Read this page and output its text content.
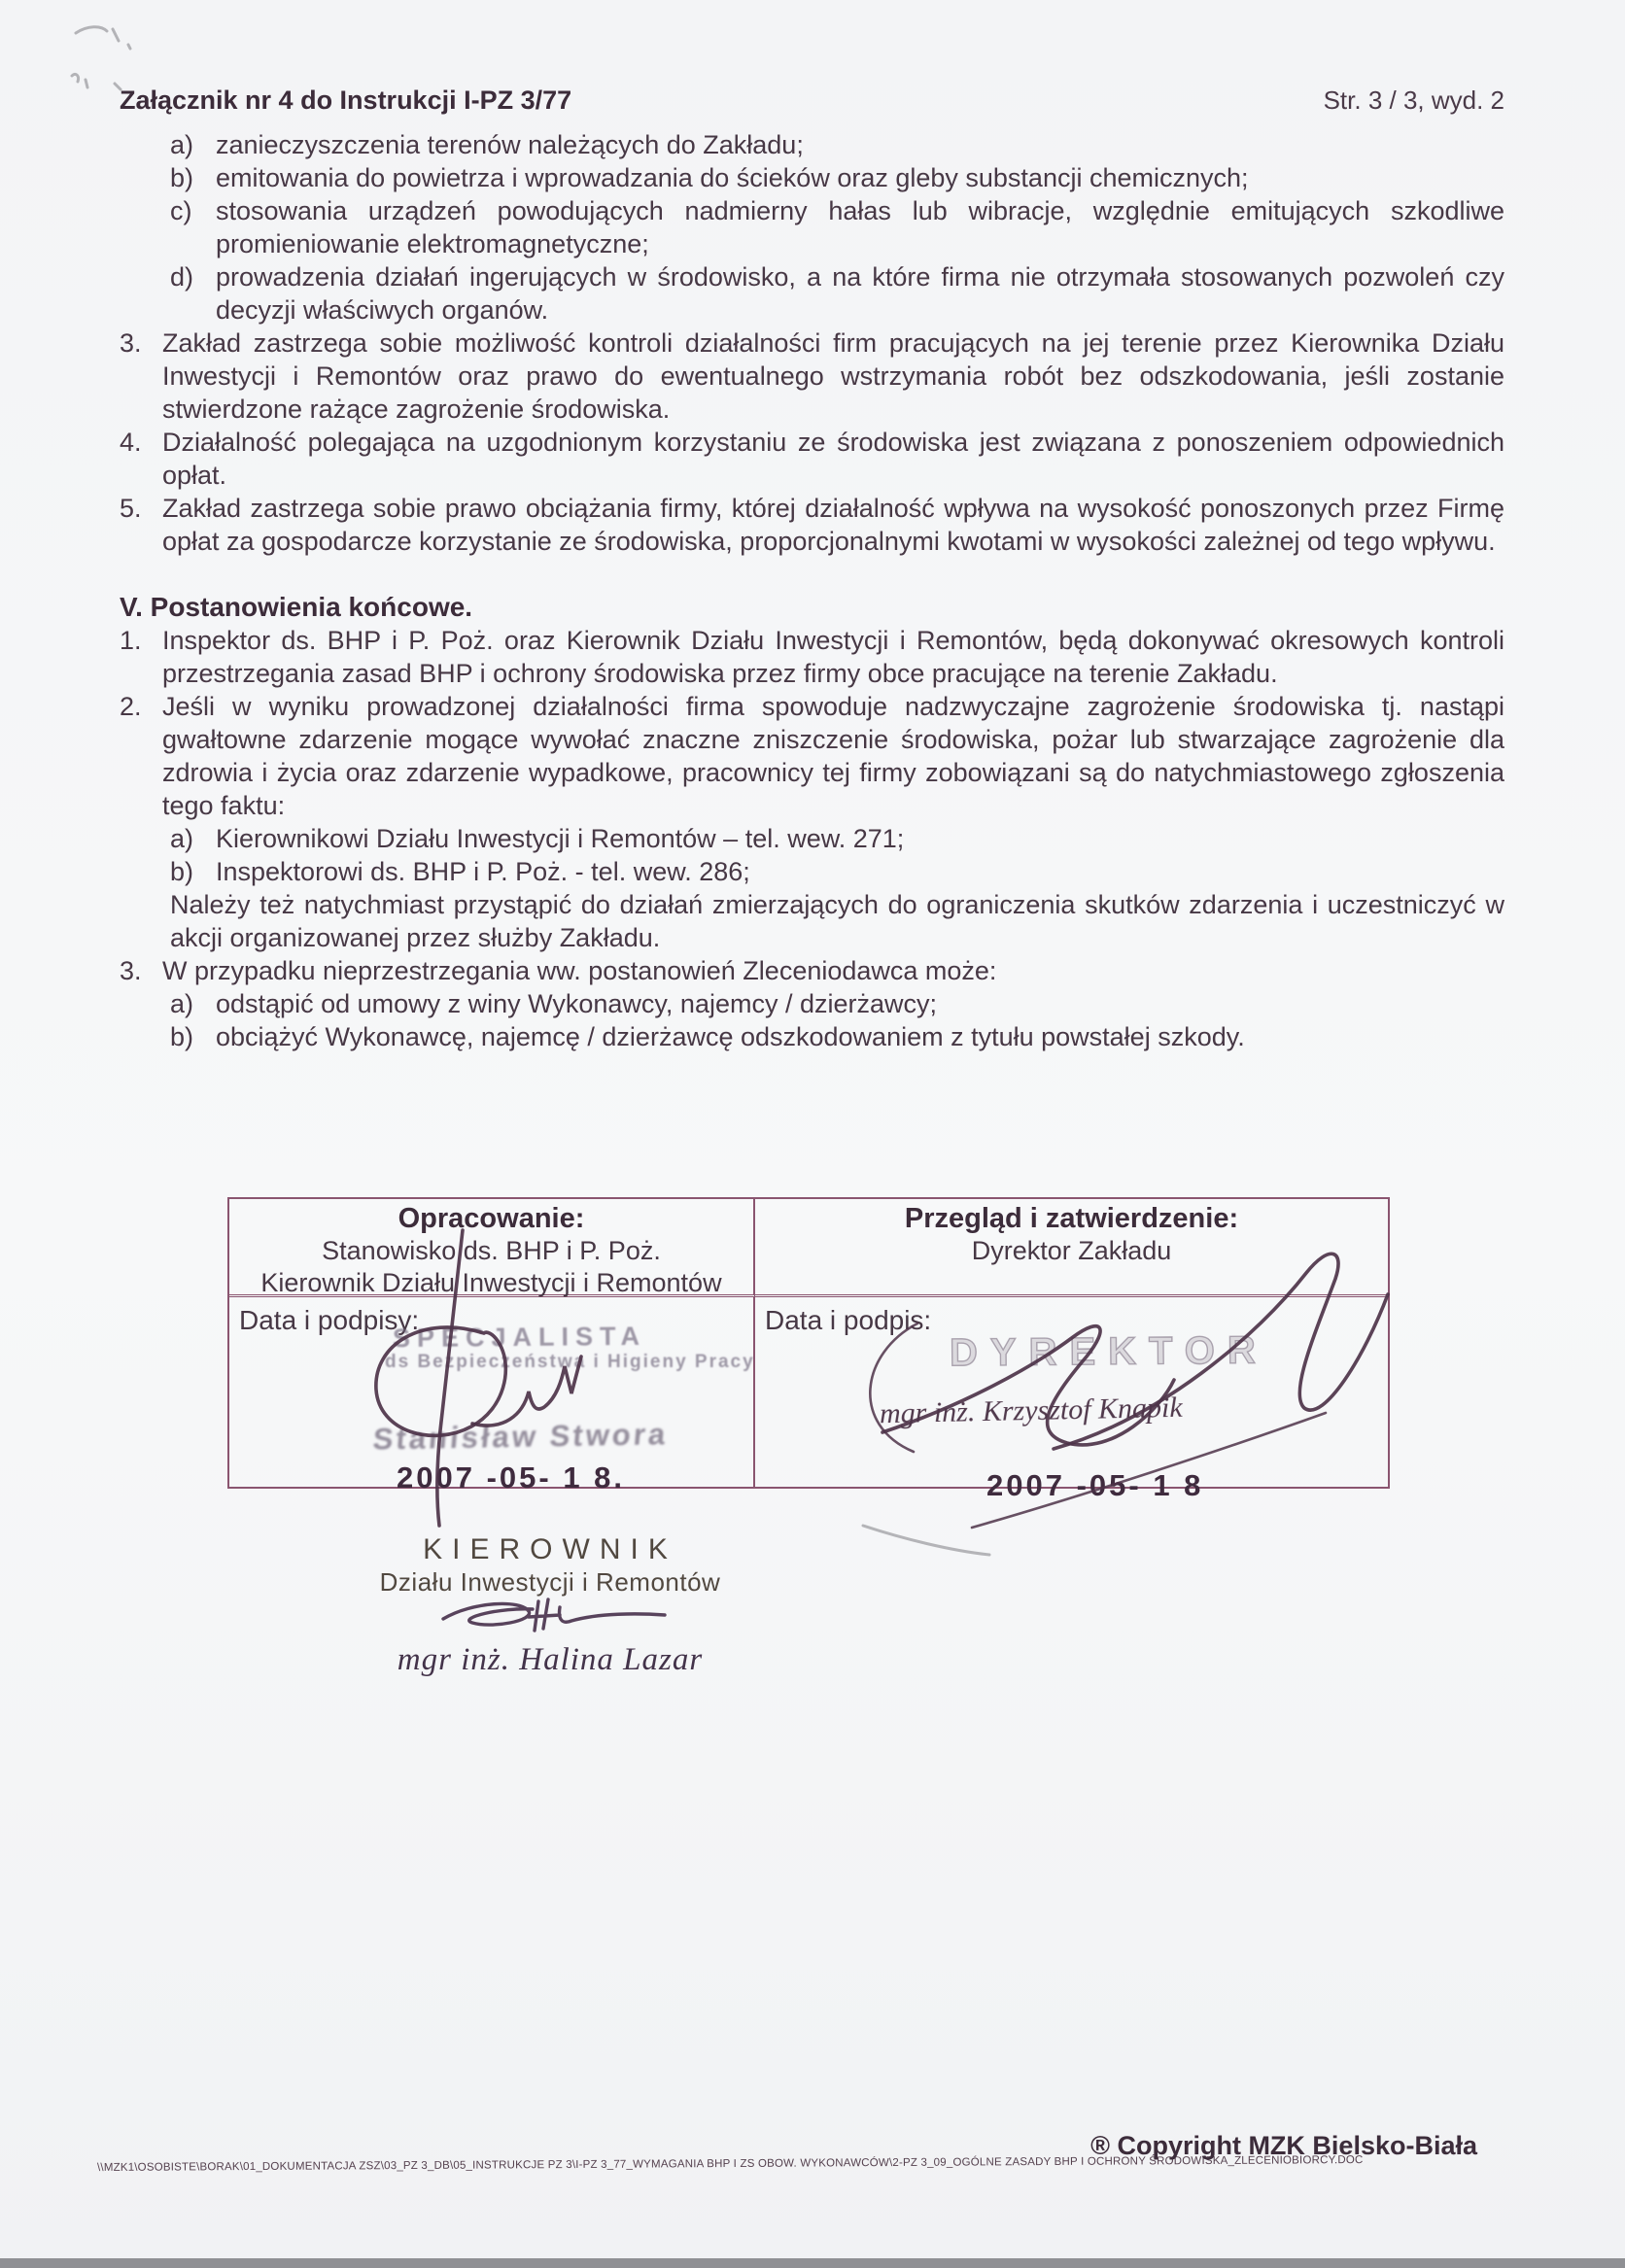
Załącznik nr 4 do Instrukcji I-PZ 3/77	Str. 3 / 3, wyd. 2
a) zanieczyszczenia terenów należących do Zakładu;
b) emitowania do powietrza i wprowadzania do ścieków oraz gleby substancji chemicznych;
c) stosowania urządzeń powodujących nadmierny hałas lub wibracje, względnie emitujących szkodliwe promieniowanie elektromagnetyczne;
d) prowadzenia działań ingerujących w środowisko, a na które firma nie otrzymała stosowanych pozwoleń czy decyzji właściwych organów.
3. Zakład zastrzega sobie możliwość kontroli działalności firm pracujących na jej terenie przez Kierownika Działu Inwestycji i Remontów oraz prawo do ewentualnego wstrzymania robót bez odszkodowania, jeśli zostanie stwierdzone rażące zagrożenie środowiska.
4. Działalność polegająca na uzgodnionym korzystaniu ze środowiska jest związana z ponoszeniem odpowiednich opłat.
5. Zakład zastrzega sobie prawo obciążania firmy, której działalność wpływa na wysokość ponoszonych przez Firmę opłat za gospodarcze korzystanie ze środowiska, proporcjonalnymi kwotami w wysokości zależnej od tego wpływu.
V. Postanowienia końcowe.
1. Inspektor ds. BHP i P. Poż. oraz Kierownik Działu Inwestycji i Remontów, będą dokonywać okresowych kontroli przestrzegania zasad BHP i ochrony środowiska przez firmy obce pracujące na terenie Zakładu.
2. Jeśli w wyniku prowadzonej działalności firma spowoduje nadzwyczajne zagrożenie środowiska tj. nastąpi gwałtowne zdarzenie mogące wywołać znaczne zniszczenie środowiska, pożar lub stwarzające zagrożenie dla zdrowia i życia oraz zdarzenie wypadkowe, pracownicy tej firmy zobowiązani są do natychmiastowego zgłoszenia tego faktu:
a) Kierownikowi Działu Inwestycji i Remontów – tel. wew. 271;
b) Inspektorowi ds. BHP i P. Poż. - tel. wew. 286;
Należy też natychmiast przystąpić do działań zmierzających do ograniczenia skutków zdarzenia i uczestniczyć w akcji organizowanej przez służby Zakładu.
3. W przypadku nieprzestrzegania ww. postanowień Zleceniodawca może:
a) odstąpić od umowy z winy Wykonawcy, najemcy / dzierżawcy;
b) obciążyć Wykonawcę, najemcę / dzierżawcę odszkodowaniem z tytułu powstałej szkody.
Opracowanie:
Stanowisko ds. BHP i P. Poż.
Kierownik Działu Inwestycji i Remontów
Przegląd i zatwierdzenie:
Dyrektor Zakładu
Data i podpisy:
SPECJALISTA
ds Bezpieczeństwa i Higieny Pracy
Stanisław Stwora
2007 -05- 1 8.
Data i podpis:
DYREKTOR
mgr inż. Krzysztof Knapik
2007 -05- 1 8
KIEROWNIK
Działu Inwestycji i Remontów
mgr inż. Halina Lazar
\\MZK1\OSOBISTE\BORAK\01_DOKUMENTACJA ZSZ\03_PZ 3_DB\05_INSTRUKCJE PZ 3\I-PZ 3_77_WYMAGANIA BHP I ZS OBOW. WYKONAWCÓW\2-PZ 3_09_OGÓLNE ZASADY BHP I OCHRONY ŚRODOWISKA_ZLECENIOBIORCY.DOC
® Copyright MZK Bielsko-Biała
